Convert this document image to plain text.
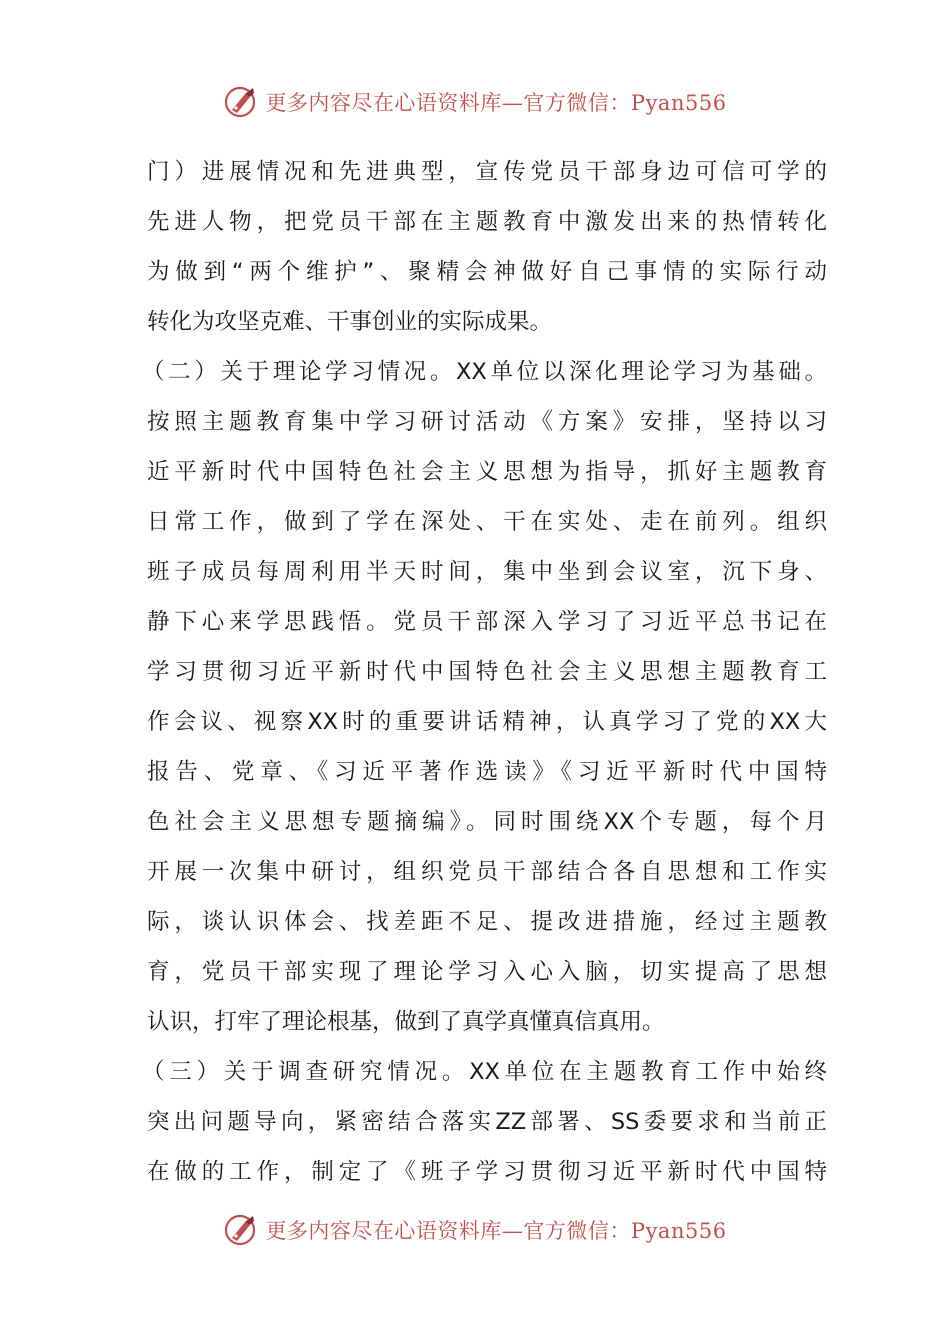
更多内容尽在心语资料库—官方微信：Pyan556
门）进展情况和先进典型，宣传党员干部身边可信可学的
先进人物，把党员干部在主题教育中激发出来的热情转化
为做到“两个维护”、聚精会神做好自己事情的实际行动
转化为攻坚克难、干事创业的实际成果。
（二）关于理论学习情况。XX单位以深化理论学习为基础。
按照主题教育集中学习研讨活动《方案》安排，坚持以习
近平新时代中国特色社会主义思想为指导，抓好主题教育
日常工作，做到了学在深处、干在实处、走在前列。组织
班子成员每周利用半天时间，集中坐到会议室，沉下身、
静下心来学思践悟。党员干部深入学习了习近平总书记在
学习贯彻习近平新时代中国特色社会主义思想主题教育工
作会议、视察XX时的重要讲话精神，认真学习了党的XX大
报告、党章、《习近平著作选读》《习近平新时代中国特
色社会主义思想专题摘编》。同时围绕XX个专题，每个月
开展一次集中研讨，组织党员干部结合各自思想和工作实
际，谈认识体会、找差距不足、提改进措施，经过主题教
育，党员干部实现了理论学习入心入脑，切实提高了思想
认识，打牢了理论根基，做到了真学真懂真信真用。
（三）关于调查研究情况。XX单位在主题教育工作中始终
突出问题导向，紧密结合落实ZZ部署、SS委要求和当前正
在做的工作，制定了《班子学习贯彻习近平新时代中国特
更多内容尽在心语资料库—官方微信：Pyan556
